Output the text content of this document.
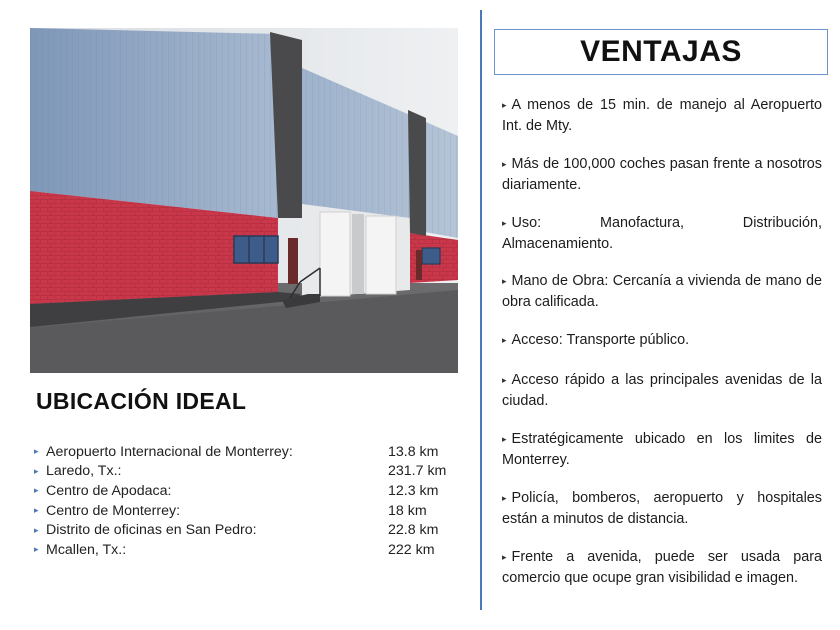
UBICACIÓN IDEAL
▸ Aeropuerto Internacional de Monterrey:	13.8 km
▸ Laredo, Tx.:	231.7 km
▸ Centro de Apodaca:	12.3 km
▸ Centro de Monterrey:	18 km
▸ Distrito de oficinas en San Pedro:	22.8 km
▸ Mcallen, Tx.:	222 km
VENTAJAS
▸ A menos de 15 min. de manejo al Aeropuerto Int. de Mty.
▸ Más de 100,000 coches pasan frente a nosotros diariamente.
▸ Uso: Manofactura, Distribución, Almacenamiento.
▸ Mano de Obra: Cercanía a vivienda de mano de obra calificada.
▸ Acceso: Transporte público.
▸ Acceso rápido a las principales avenidas de la ciudad.
▸ Estratégicamente ubicado en los limites de Monterrey.
▸ Policía, bomberos, aeropuerto y hospitales están a minutos de distancia.
▸ Frente a avenida, puede ser usada para comercio que ocupe gran visibilidad e imagen.
